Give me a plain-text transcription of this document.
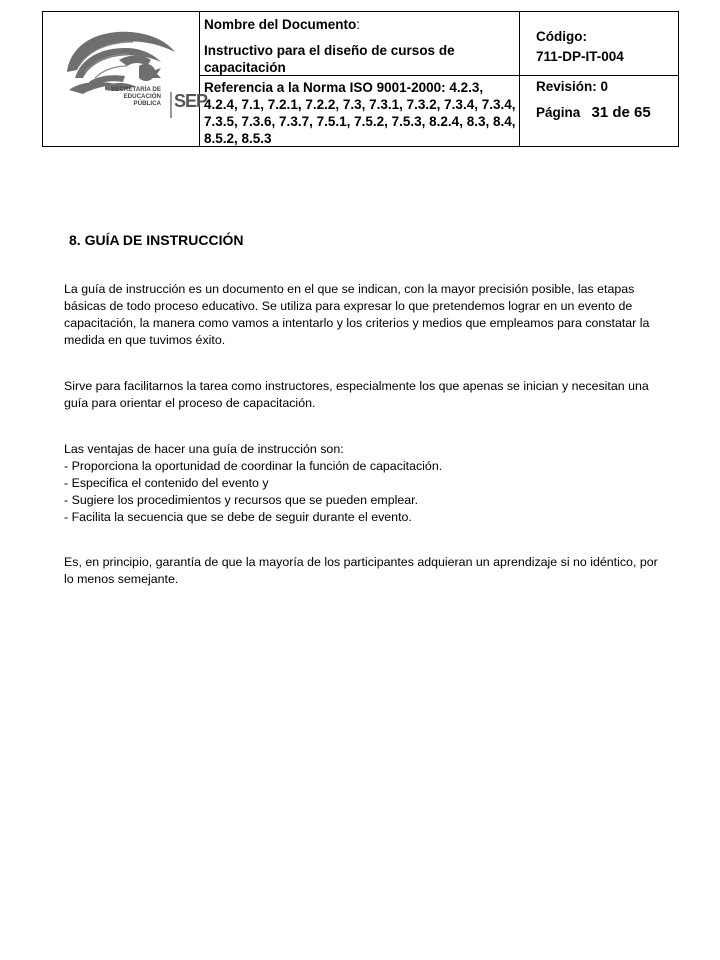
SECRETARÍA DE
EDUCACIÓN
PÚBLICA SEP
Nombre del Documento:
Instructivo para el diseño de cursos de capacitación
Referencia a la Norma ISO 9001-2000: 4.2.3, 4.2.4, 7.1, 7.2.1, 7.2.2, 7.3, 7.3.1, 7.3.2, 7.3.4, 7.3.4, 7.3.5, 7.3.6, 7.3.7, 7.5.1, 7.5.2, 7.5.3, 8.2.4, 8.3, 8.4, 8.5.2, 8.5.3
Código:
711-DP-IT-004
Revisión: 0
Página 31 de 65
8. GUÍA DE INSTRUCCIÓN

La guía de instrucción es un documento en el que se indican, con la mayor precisión posible, las etapas básicas de todo proceso educativo. Se utiliza para expresar lo que pretendemos lograr en un evento de capacitación, la manera como vamos a intentarlo y los criterios y medios que empleamos para constatar la medida en que tuvimos éxito.

Sirve para facilitarnos la tarea como instructores, especialmente los que apenas se inician y necesitan una guía para orientar el proceso de capacitación.

Las ventajas de hacer una guía de instrucción son:
- Proporciona la oportunidad de coordinar la función de capacitación.
- Especifica el contenido del evento y
- Sugiere los procedimientos y recursos que se pueden emplear.
- Facilita la secuencia que se debe de seguir durante el evento.

Es, en principio, garantía de que la mayoría de los participantes adquieran un aprendizaje si no idéntico, por lo menos semejante.
